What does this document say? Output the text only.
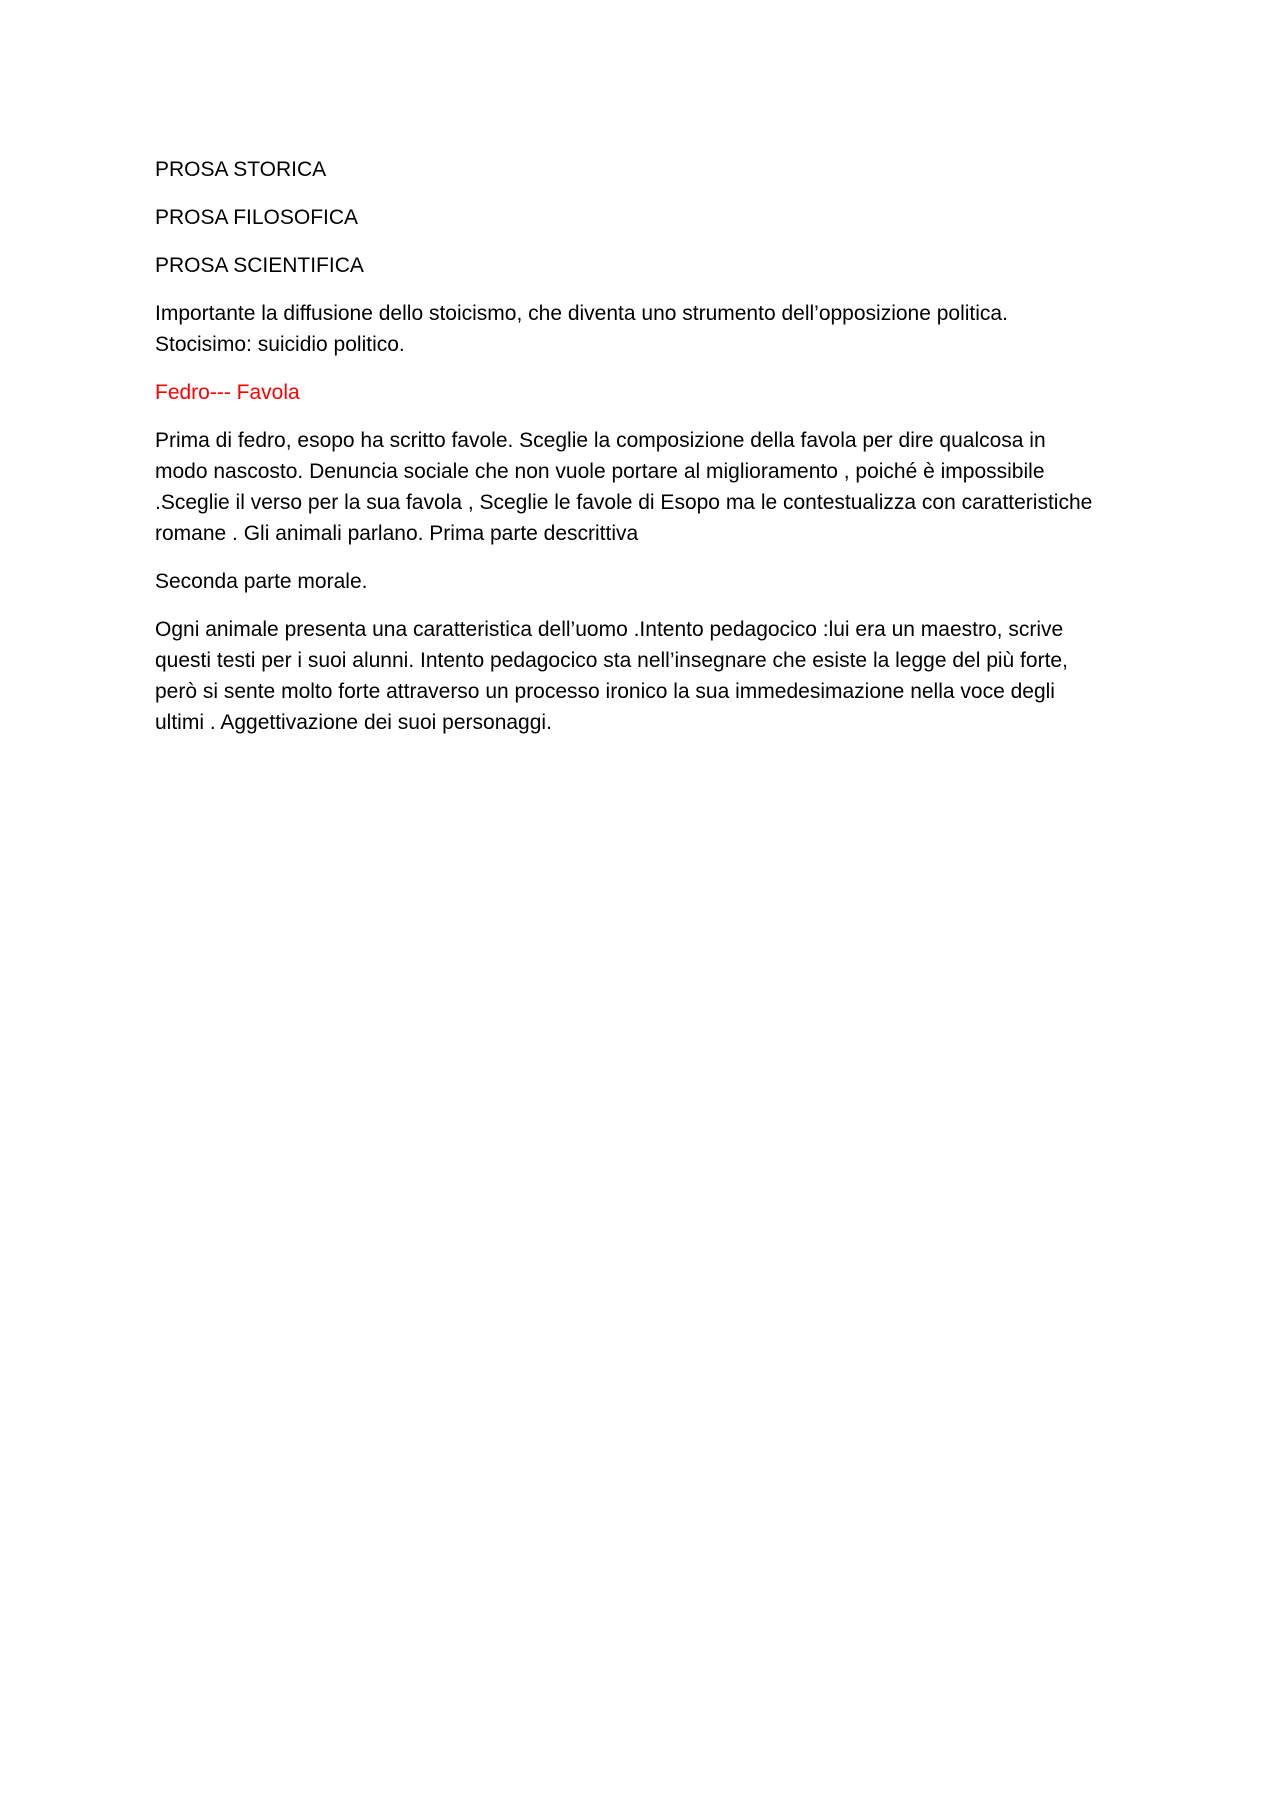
PROSA STORICA

PROSA FILOSOFICA

PROSA SCIENTIFICA

Importante la diffusione dello stoicismo, che diventa uno strumento dell’opposizione politica.
Stocisimo: suicidio politico.

Fedro--- Favola

Prima di fedro, esopo ha scritto favole. Sceglie la composizione della favola per dire qualcosa in
modo nascosto. Denuncia sociale che non vuole portare al miglioramento , poiché è impossibile
.Sceglie il verso per la sua favola , Sceglie le favole di Esopo ma le contestualizza con caratteristiche
romane . Gli animali parlano. Prima parte descrittiva

Seconda parte morale.

Ogni animale presenta una caratteristica dell’uomo .Intento pedagocico :lui era un maestro, scrive
questi testi per i suoi alunni. Intento pedagocico sta nell’insegnare che esiste la legge del più forte,
però si sente molto forte attraverso un processo ironico la sua immedesimazione nella voce degli
ultimi . Aggettivazione dei suoi personaggi.
